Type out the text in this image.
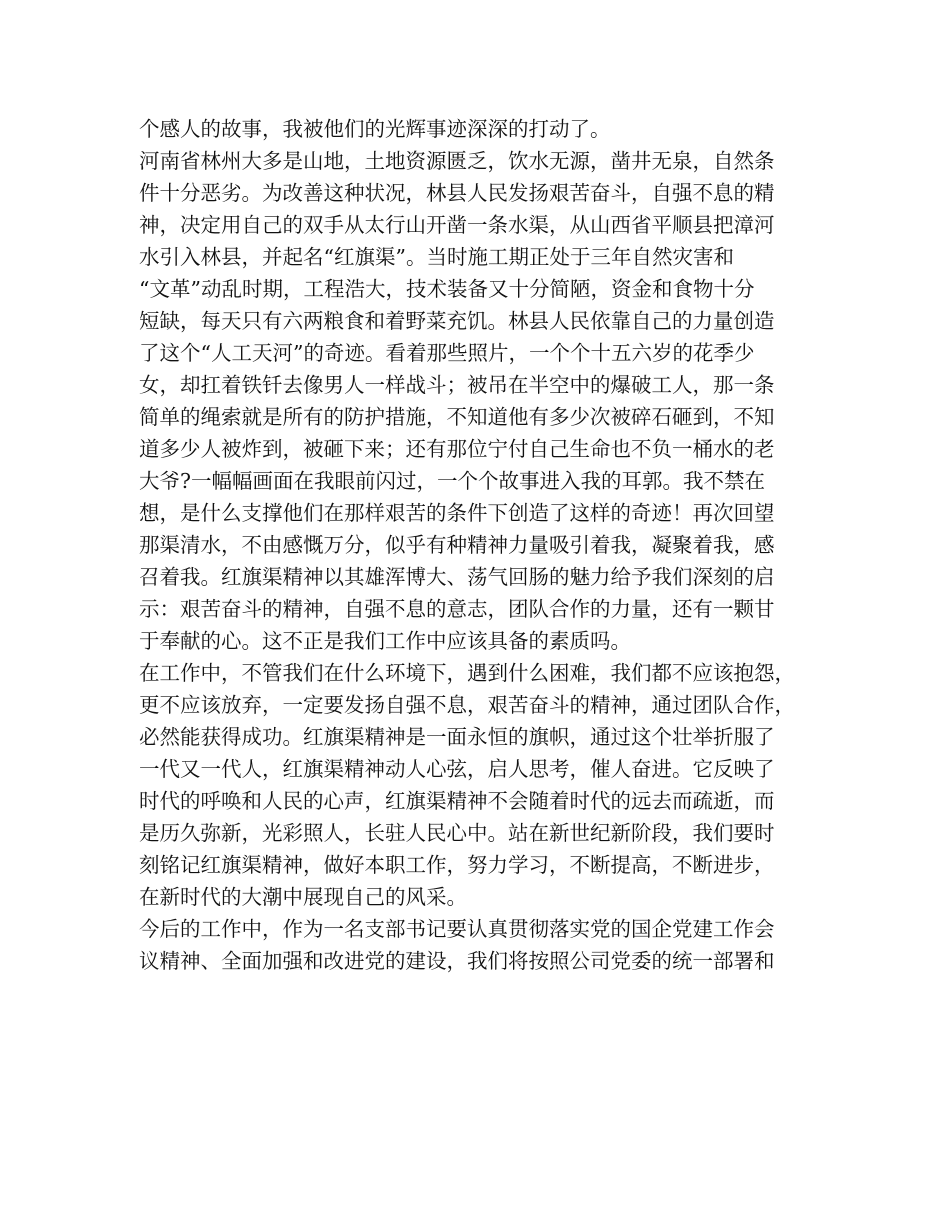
个感人的故事，我被他们的光辉事迹深深的打动了。
河南省林州大多是山地，土地资源匮乏，饮水无源，凿井无泉，自然条
件十分恶劣。为改善这种状况，林县人民发扬艰苦奋斗，自强不息的精
神，决定用自己的双手从太行山开凿一条水渠，从山西省平顺县把漳河
水引入林县，并起名“红旗渠”。当时施工期正处于三年自然灾害和
“文革”动乱时期，工程浩大，技术装备又十分简陋，资金和食物十分
短缺，每天只有六两粮食和着野菜充饥。林县人民依靠自己的力量创造
了这个“人工天河”的奇迹。看着那些照片，一个个十五六岁的花季少
女，却扛着铁钎去像男人一样战斗；被吊在半空中的爆破工人，那一条
简单的绳索就是所有的防护措施，不知道他有多少次被碎石砸到，不知
道多少人被炸到，被砸下来；还有那位宁付自己生命也不负一桶水的老
大爷?一幅幅画面在我眼前闪过，一个个故事进入我的耳郭。我不禁在
想，是什么支撑他们在那样艰苦的条件下创造了这样的奇迹！再次回望
那渠清水，不由感慨万分，似乎有种精神力量吸引着我，凝聚着我，感
召着我。红旗渠精神以其雄浑博大、荡气回肠的魅力给予我们深刻的启
示：艰苦奋斗的精神，自强不息的意志，团队合作的力量，还有一颗甘
于奉献的心。这不正是我们工作中应该具备的素质吗。
在工作中，不管我们在什么环境下，遇到什么困难，我们都不应该抱怨，
更不应该放弃，一定要发扬自强不息，艰苦奋斗的精神，通过团队合作，
必然能获得成功。红旗渠精神是一面永恒的旗帜，通过这个壮举折服了
一代又一代人，红旗渠精神动人心弦，启人思考，催人奋进。它反映了
时代的呼唤和人民的心声，红旗渠精神不会随着时代的远去而疏逝，而
是历久弥新，光彩照人，长驻人民心中。站在新世纪新阶段，我们要时
刻铭记红旗渠精神，做好本职工作，努力学习，不断提高，不断进步，
在新时代的大潮中展现自己的风采。
今后的工作中，作为一名支部书记要认真贯彻落实党的国企党建工作会
议精神、全面加强和改进党的建设，我们将按照公司党委的统一部署和
